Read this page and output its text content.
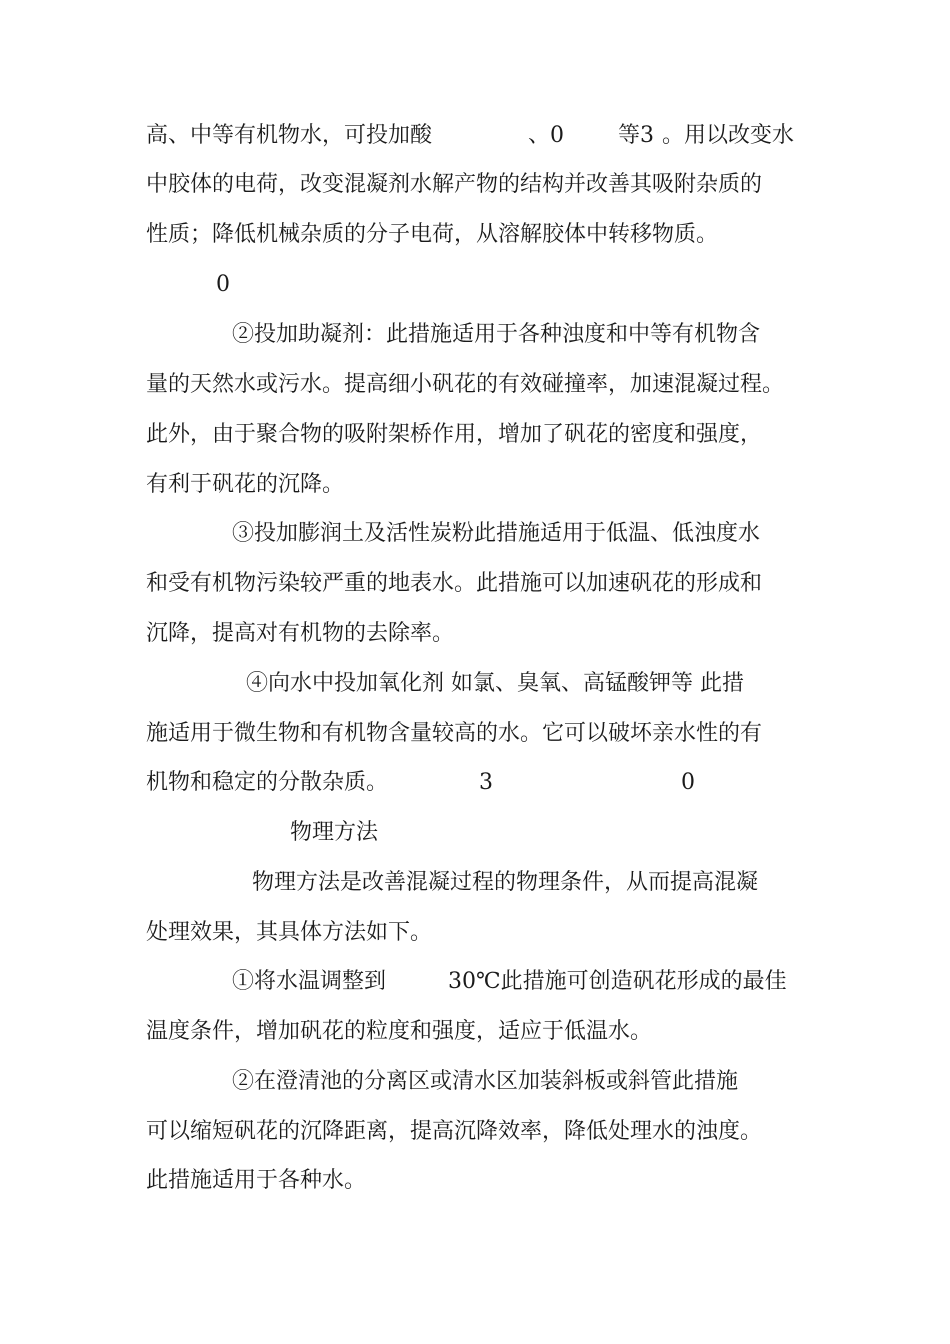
高、中等有机物水，可投加酸	、0 等3 。用以改变水
中胶体的电荷，改变混凝剂水解产物的结构并改善其吸附杂质的
性质；降低机械杂质的分子电荷，从溶解胶体中转移物质。
0
②投加助凝剂：此措施适用于各种浊度和中等有机物含
量的天然水或污水。提高细小矾花的有效碰撞率，加速混凝过程。
此外，由于聚合物的吸附架桥作用，增加了矾花的密度和强度，
有利于矾花的沉降。
③投加膨润土及活性炭粉此措施适用于低温、低浊度水
和受有机物污染较严重的地表水。此措施可以加速矾花的形成和
沉降，提高对有机物的去除率。
④向水中投加氧化剂 如氯、臭氧、高锰酸钾等 此措
施适用于微生物和有机物含量较高的水。它可以破坏亲水性的有
机物和稳定的分散杂质。	3	0
物理方法
物理方法是改善混凝过程的物理条件，从而提高混凝
处理效果，其具体方法如下。
①将水温调整到	30℃此措施可创造矾花形成的最佳
温度条件，增加矾花的粒度和强度，适应于低温水。
②在澄清池的分离区或清水区加装斜板或斜管此措施
可以缩短矾花的沉降距离，提高沉降效率，降低处理水的浊度。
此措施适用于各种水。
